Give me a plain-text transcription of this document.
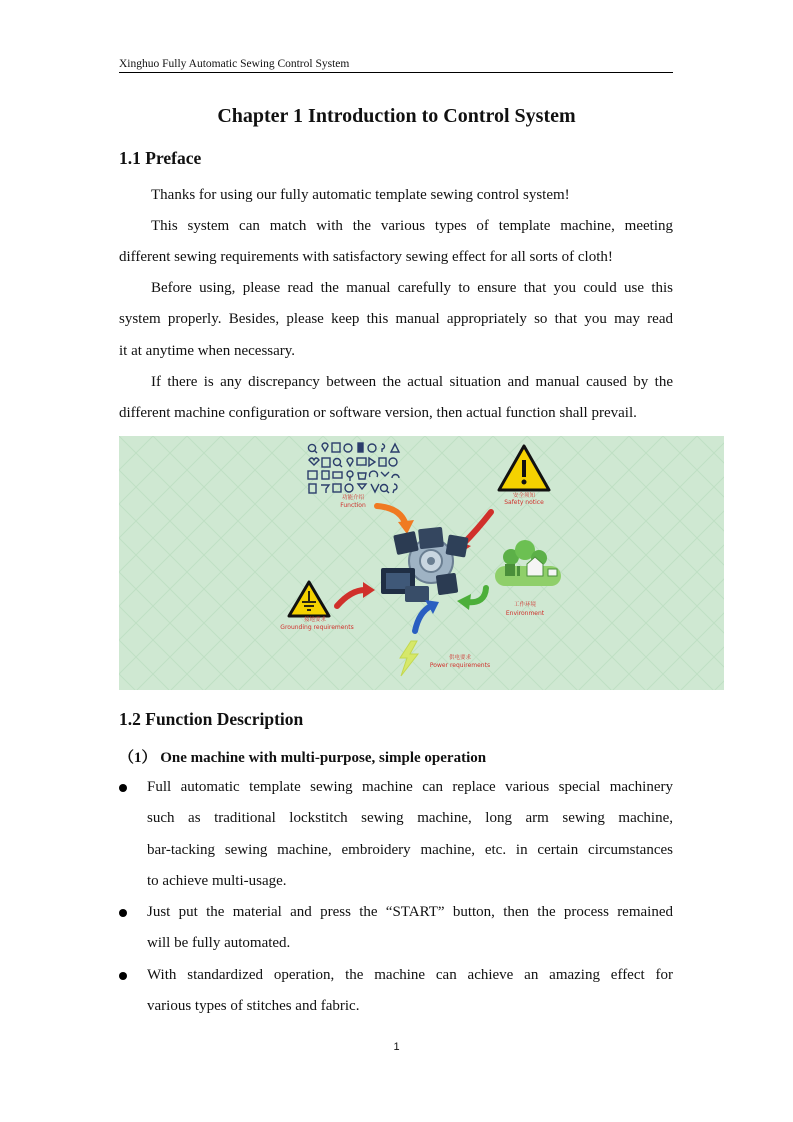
Xinghuo Fully Automatic Sewing Control System
Chapter 1 Introduction to Control System
1.1 Preface
Thanks for using our fully automatic template sewing control system!
This system can match with the various types of template machine, meeting
different sewing requirements with satisfactory sewing effect for all sorts of cloth!
Before using, please read the manual carefully to ensure that you could use this
system properly. Besides, please keep this manual appropriately so that you may read
it at anytime when necessary.
If there is any discrepancy between the actual situation and manual caused by the
different machine configuration or software version, then actual function shall prevail.
功能介绍
Function
安全须知
Safety notice
工作环境
Environment
接地要求
Grounding requirements
供电要求
Power requirements
1.2 Function Description
（1） One machine with multi-purpose, simple operation
Full automatic template sewing machine can replace various special machinery
such as traditional lockstitch sewing machine, long arm sewing machine,
bar-tacking sewing machine, embroidery machine, etc. in certain circumstances
to achieve multi-usage.
Just put the material and press the “START” button, then the process remained
will be fully automated.
With standardized operation, the machine can achieve an amazing effect for
various types of stitches and fabric.
1
